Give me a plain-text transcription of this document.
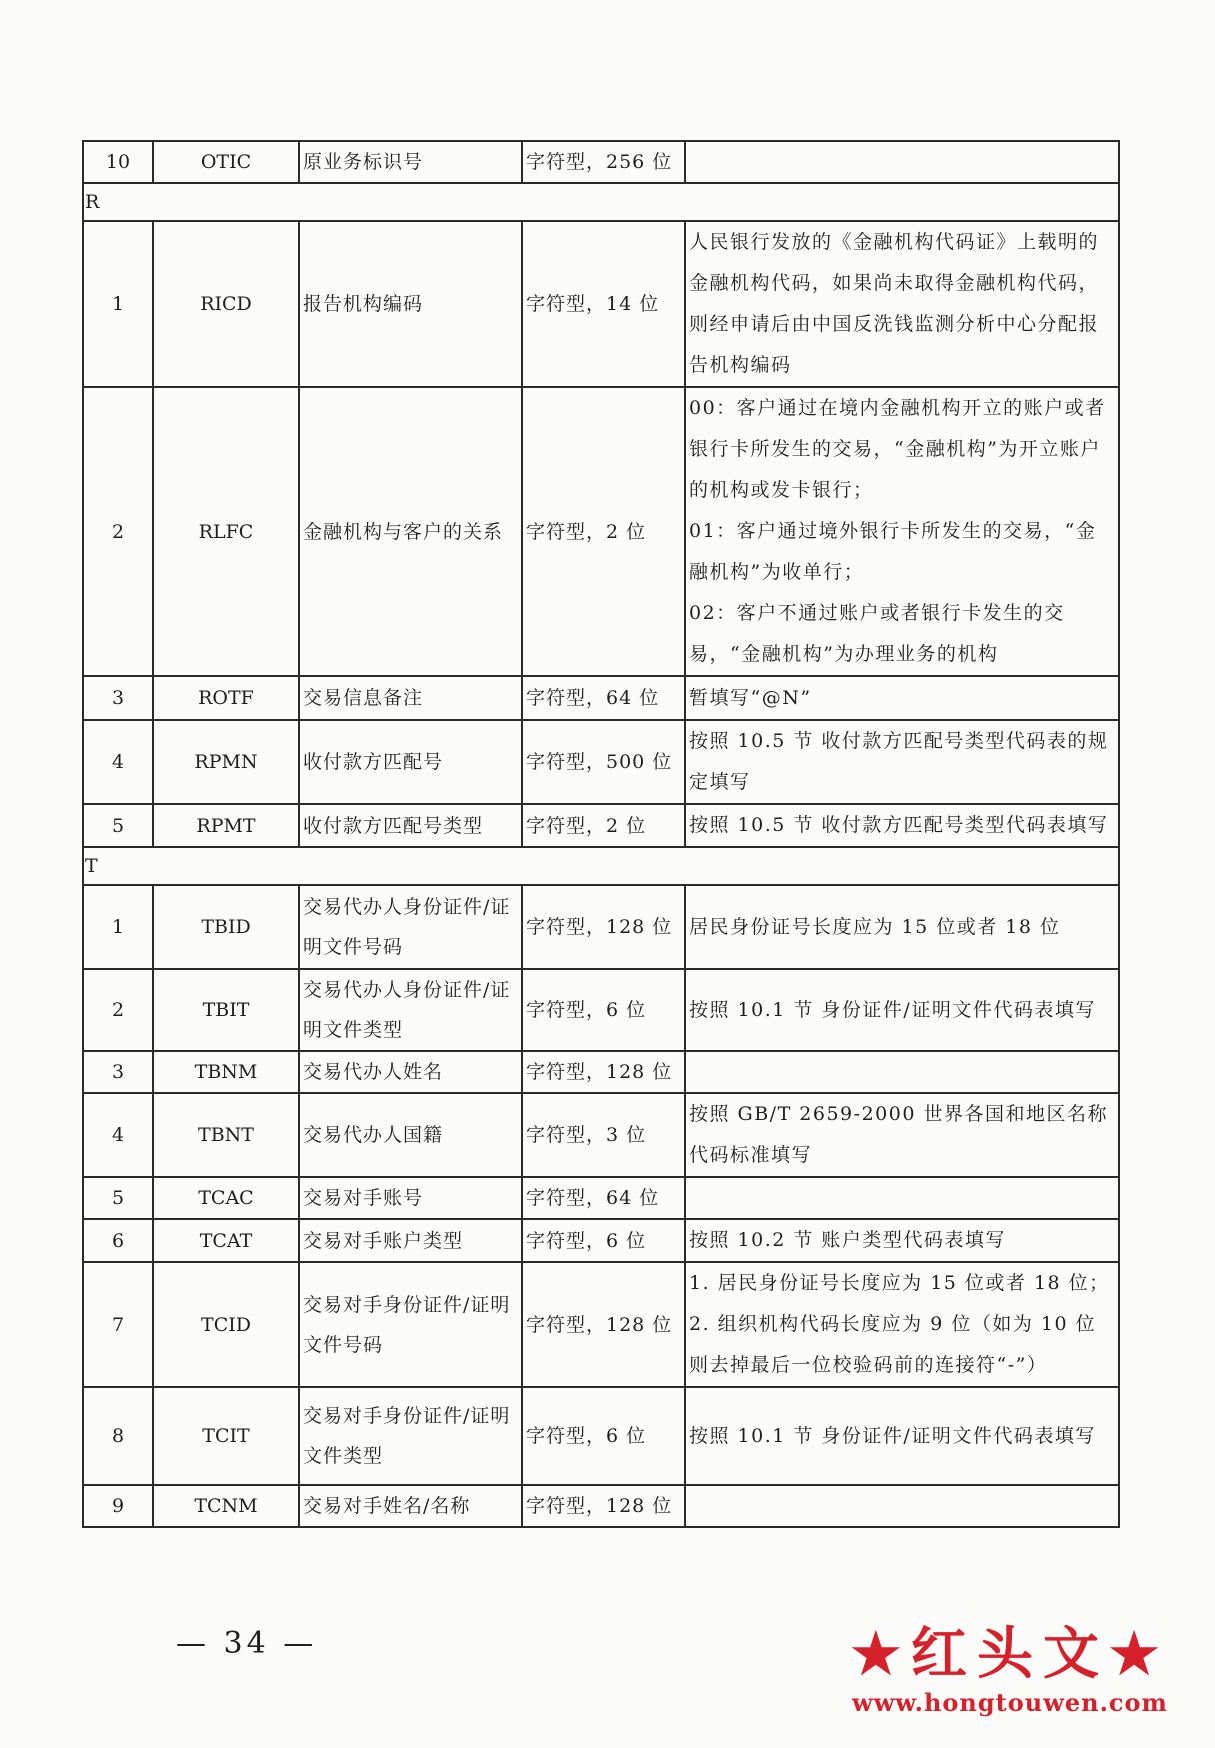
10	OTIC	原业务标识号	字符型，256 位	

R				

1	RICD	报告机构编码	字符型，14 位	人民银行发放的《金融机构代码证》上载明的金融机构代码，如果尚未取得金融机构代码，则经申请后由中国反洗钱监测分析中心分配报告机构编码

2	RLFC	金融机构与客户的关系	字符型，2 位	00：客户通过在境内金融机构开立的账户或者银行卡所发生的交易，“金融机构”为开立账户的机构或发卡银行；
01：客户通过境外银行卡所发生的交易，“金融机构”为收单行；
02：客户不通过账户或者银行卡发生的交易，“金融机构”为办理业务的机构

3	ROTF	交易信息备注	字符型，64 位	暂填写“@N”

4	RPMN	收付款方匹配号	字符型，500 位	按照 10.5 节 收付款方匹配号类型代码表的规定填写

5	RPMT	收付款方匹配号类型	字符型，2 位	按照 10.5 节 收付款方匹配号类型代码表填写

T				

1	TBID	交易代办人身份证件/证明文件号码	字符型，128 位	居民身份证号长度应为 15 位或者 18 位

2	TBIT	交易代办人身份证件/证明文件类型	字符型，6 位	按照 10.1 节 身份证件/证明文件代码表填写

3	TBNM	交易代办人姓名	字符型，128 位	

4	TBNT	交易代办人国籍	字符型，3 位	按照 GB/T 2659-2000 世界各国和地区名称代码标准填写

5	TCAC	交易对手账号	字符型，64 位	

6	TCAT	交易对手账户类型	字符型，6 位	按照 10.2 节 账户类型代码表填写

7	TCID	交易对手身份证件/证明文件号码	字符型，128 位	1. 居民身份证号长度应为 15 位或者 18 位；
2. 组织机构代码长度应为 9 位（如为 10 位则去掉最后一位校验码前的连接符“-”）

8	TCIT	交易对手身份证件/证明文件类型	字符型，6 位	按照 10.1 节 身份证件/证明文件代码表填写

9	TCNM	交易对手姓名/名称	字符型，128 位	

— 34 —	★红头文★
www.hongtouwen.com
